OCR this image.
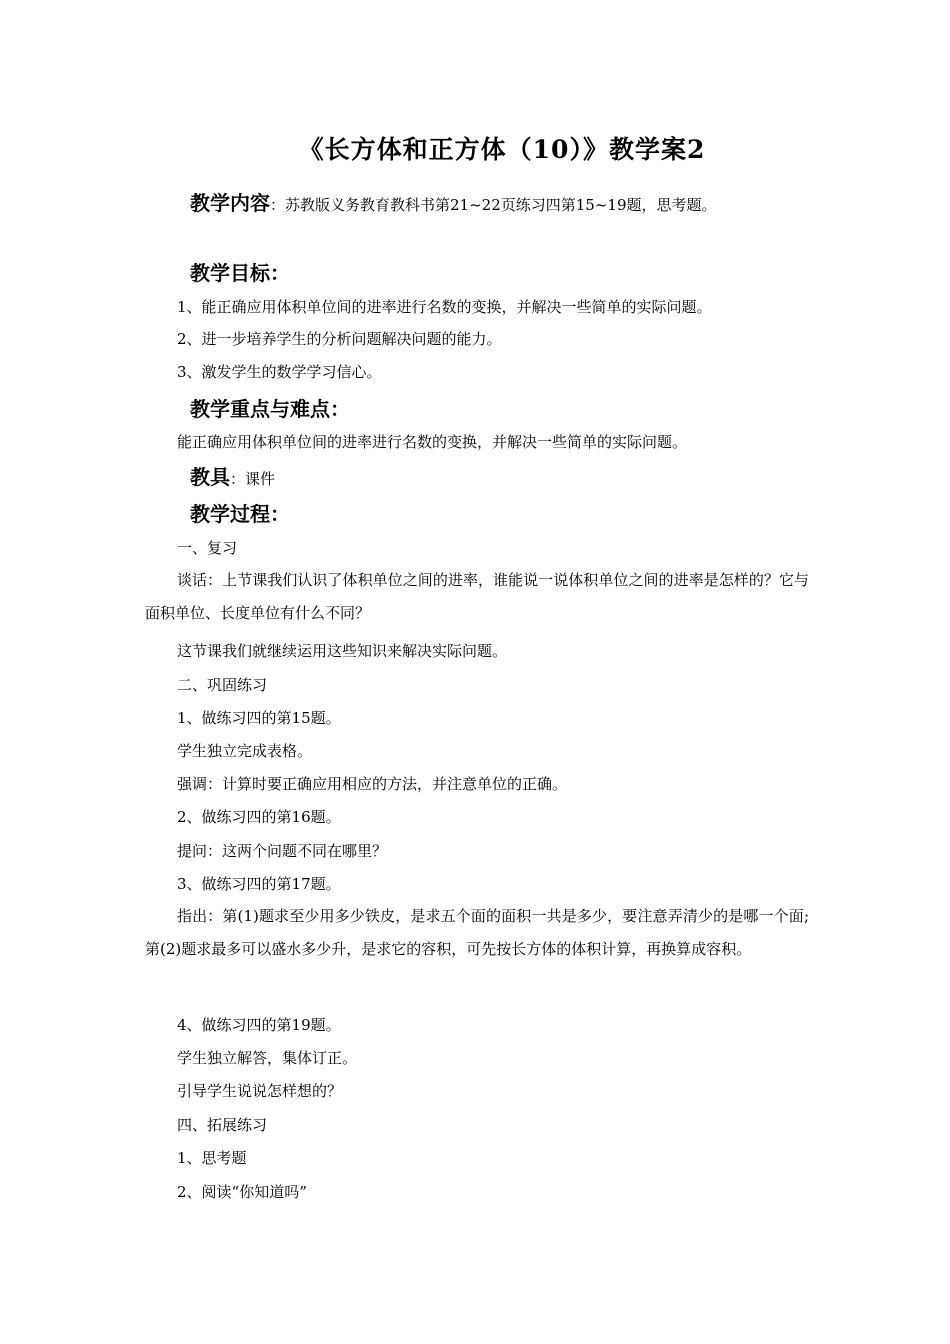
《长方体和正方体（10）》教学案2
教学内容：苏教版义务教育教科书第21~22页练习四第15~19题，思考题。
教学目标：
1、能正确应用体积单位间的进率进行名数的变换，并解决一些简单的实际问题。
2、进一步培养学生的分析问题解决问题的能力。
3、激发学生的数学学习信心。
教学重点与难点：
能正确应用体积单位间的进率进行名数的变换，并解决一些简单的实际问题。
教具：课件
教学过程：
一、复习
谈话：上节课我们认识了体积单位之间的进率，谁能说一说体积单位之间的进率是怎样的？它与面积单位、长度单位有什么不同？
这节课我们就继续运用这些知识来解决实际问题。
二、巩固练习
1、做练习四的第15题。
学生独立完成表格。
强调：计算时要正确应用相应的方法，并注意单位的正确。
2、做练习四的第16题。
提问：这两个问题不同在哪里？
3、做练习四的第17题。
指出：第(1)题求至少用多少铁皮，是求五个面的面积一共是多少，要注意弄清少的是哪一个面;第(2)题求最多可以盛水多少升，是求它的容积，可先按长方体的体积计算，再换算成容积。
4、做练习四的第19题。
学生独立解答，集体订正。
引导学生说说怎样想的？
四、拓展练习
1、思考题
2、阅读“你知道吗”
